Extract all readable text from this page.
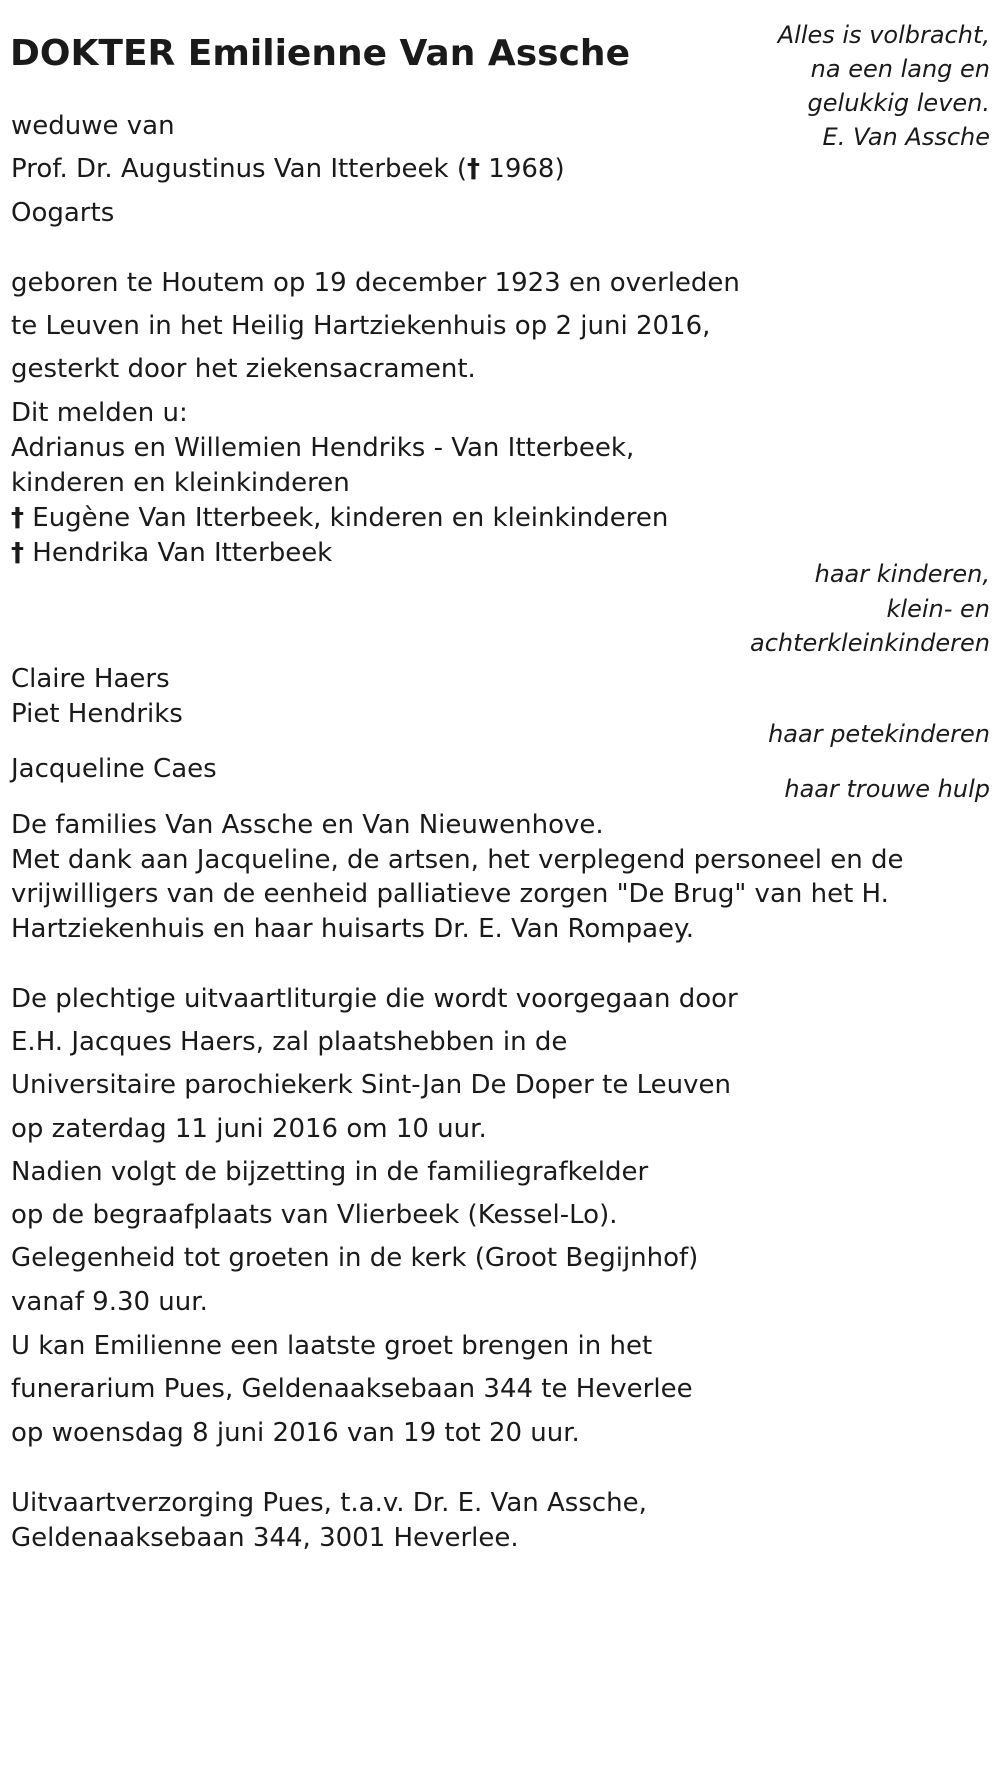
DOKTER Emilienne Van Assche	Alles is volbracht,
na een lang en
gelukkig leven.
E. Van Assche

weduwe van

Prof. Dr. Augustinus Van Itterbeek († 1968)

Oogarts

geboren te Houtem op 19 december 1923 en overleden

te Leuven in het Heilig Hartziekenhuis op 2 juni 2016,

gesterkt door het ziekensacrament.

Dit melden u:

Adrianus en Willemien Hendriks - Van Itterbeek,

kinderen en kleinkinderen

† Eugène Van Itterbeek, kinderen en kleinkinderen

† Hendrika Van Itterbeek

haar kinderen,
klein- en
achterkleinkinderen

Claire Haers

Piet Hendriks

haar petekinderen

Jacqueline Caes

haar trouwe hulp

De families Van Assche en Van Nieuwenhove.

Met dank aan Jacqueline, de artsen, het verplegend personeel en de

vrijwilligers van de eenheid palliatieve zorgen "De Brug" van het H.

Hartziekenhuis en haar huisarts Dr. E. Van Rompaey.

De plechtige uitvaartliturgie die wordt voorgegaan door

E.H. Jacques Haers, zal plaatshebben in de

Universitaire parochiekerk Sint-Jan De Doper te Leuven

op zaterdag 11 juni 2016 om 10 uur.

Nadien volgt de bijzetting in de familiegrafkelder

op de begraafplaats van Vlierbeek (Kessel-Lo).

Gelegenheid tot groeten in de kerk (Groot Begijnhof)

vanaf 9.30 uur.

U kan Emilienne een laatste groet brengen in het

funerarium Pues, Geldenaaksebaan 344 te Heverlee

op woensdag 8 juni 2016 van 19 tot 20 uur.

Uitvaartverzorging Pues, t.a.v. Dr. E. Van Assche,

Geldenaaksebaan 344, 3001 Heverlee.
